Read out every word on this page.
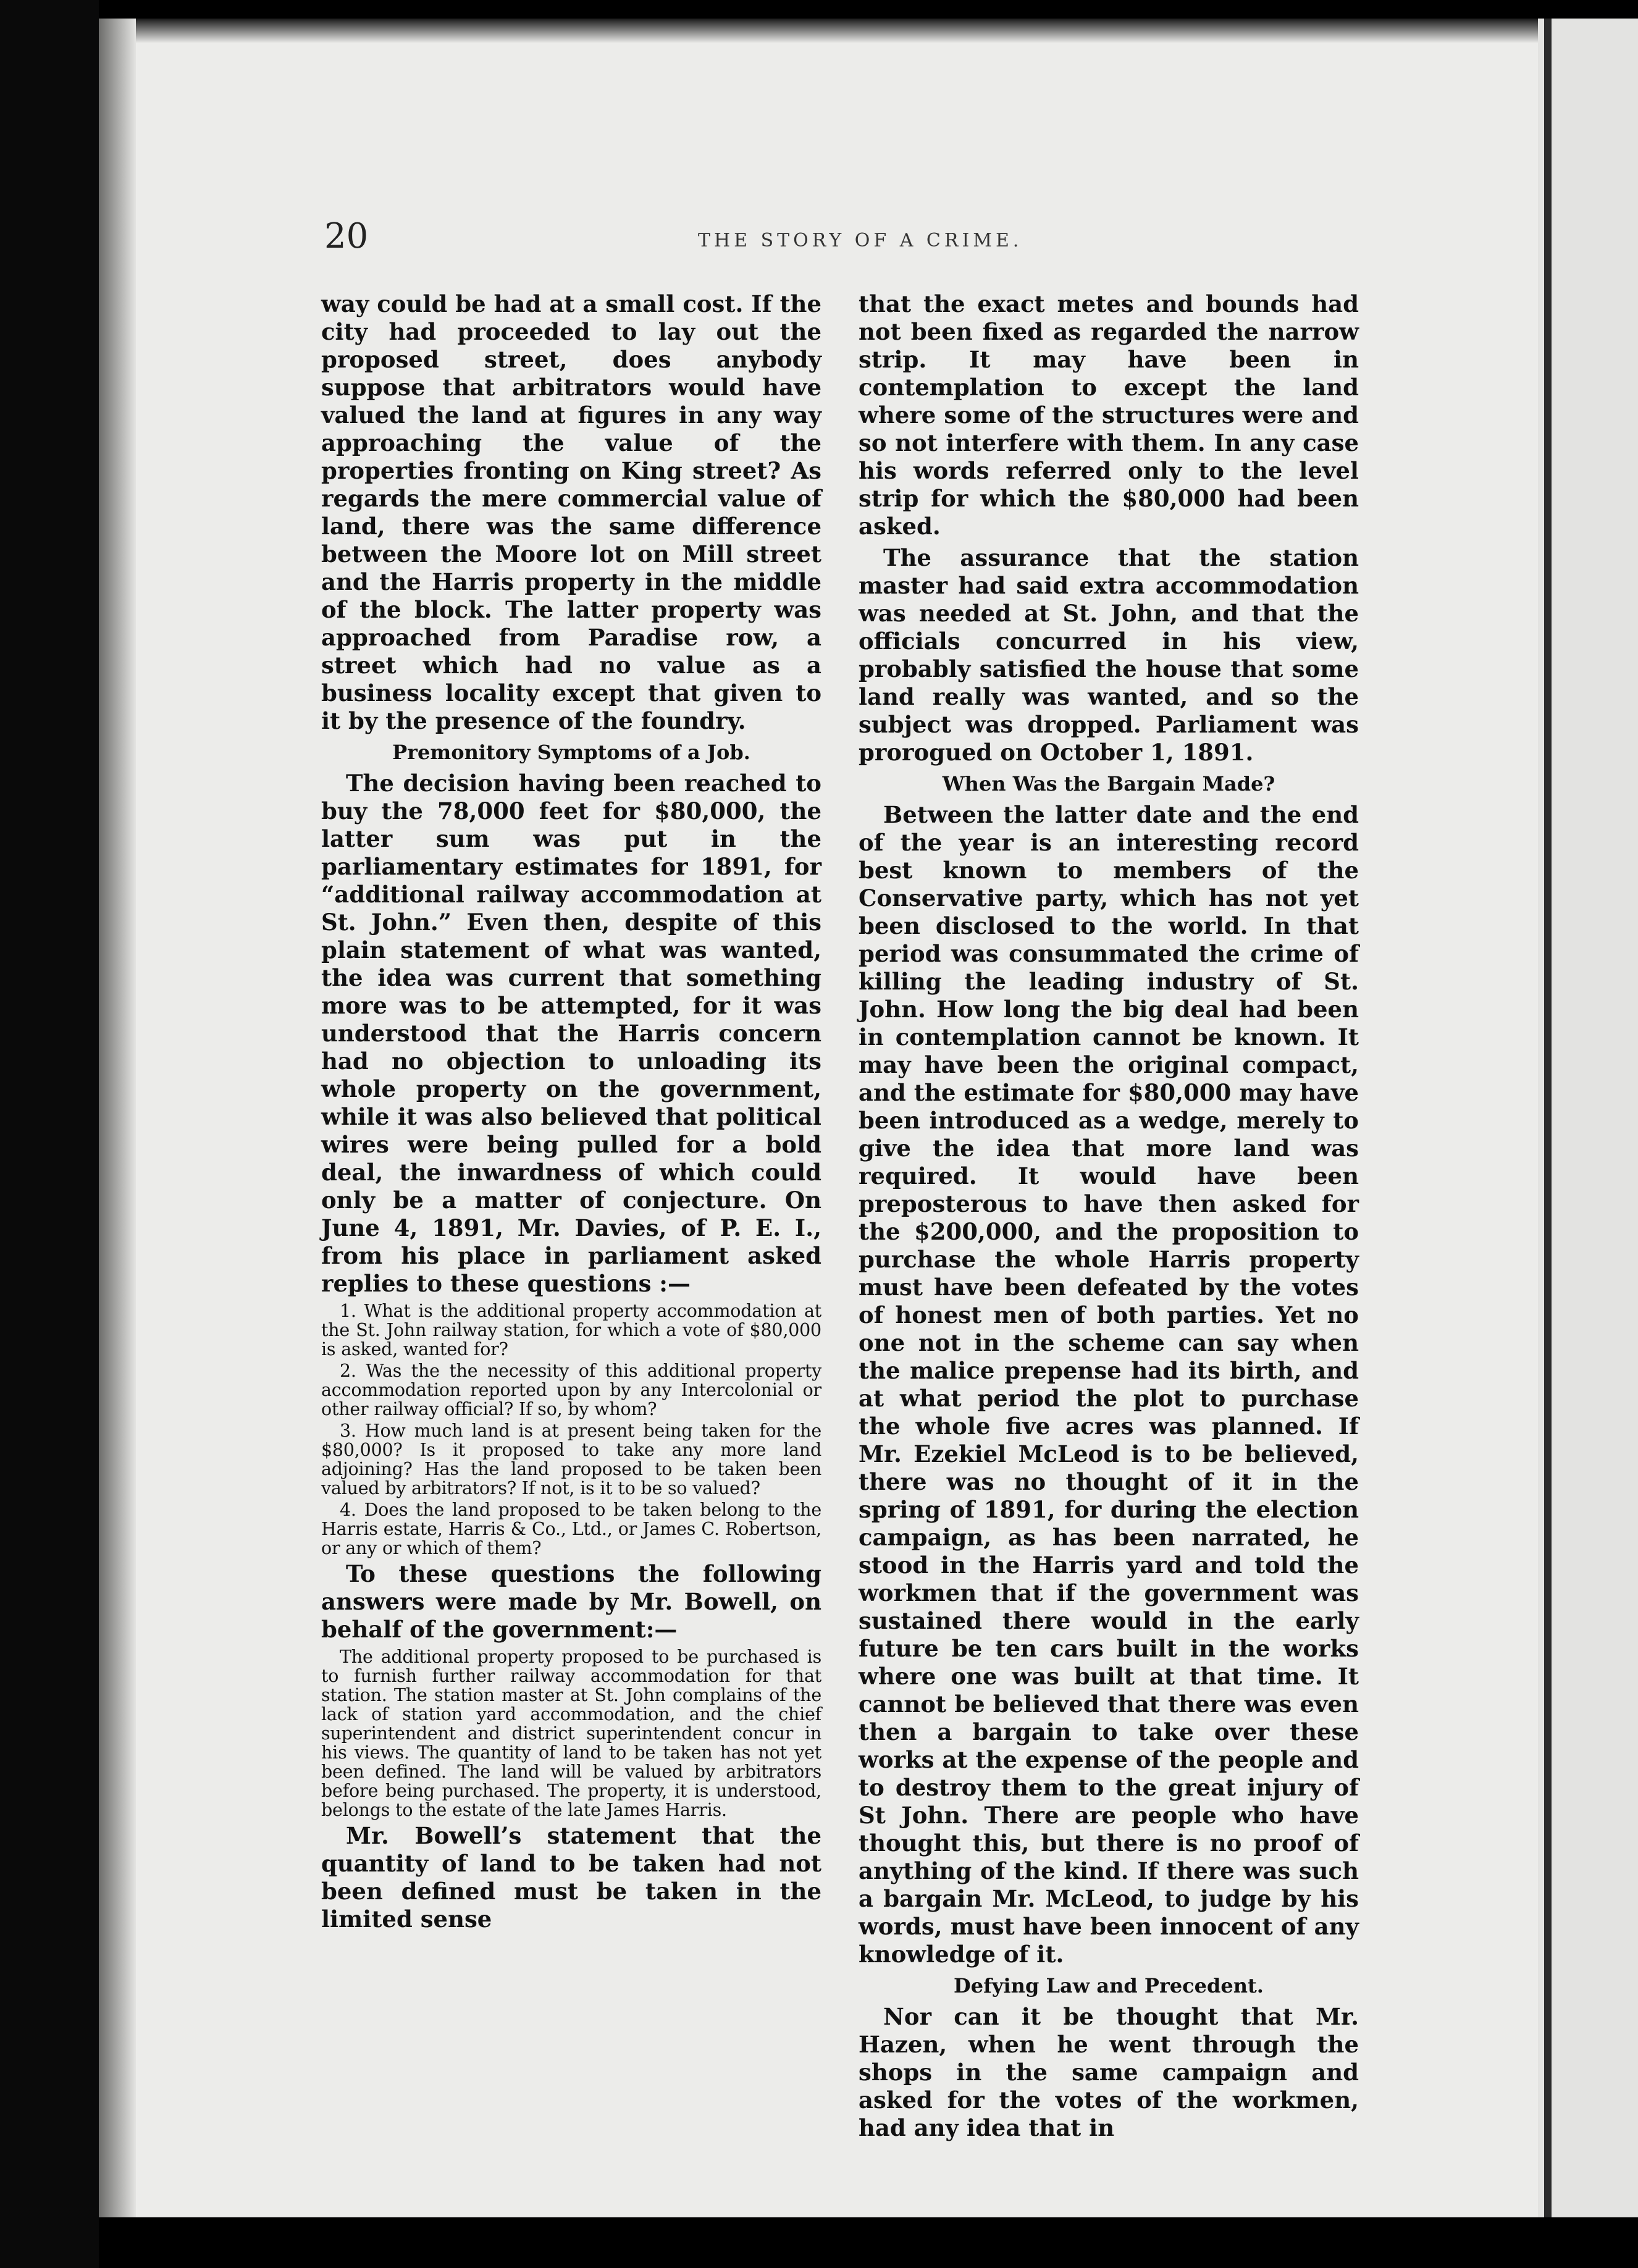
20	THE STORY OF A CRIME.

way could be had at a small cost. If the city had proceeded to lay out the proposed street, does anybody suppose that arbitrators would have valued the land at figures in any way approaching the value of the properties fronting on King street? As regards the mere commercial value of land, there was the same difference between the Moore lot on Mill street and the Harris property in the middle of the block. The latter property was approached from Paradise row, a street which had no value as a business locality except that given to it by the presence of the foundry.

Premonitory Symptoms of a Job.

The decision having been reached to buy the 78,000 feet for $80,000, the latter sum was put in the parliamentary estimates for 1891, for “additional railway accommodation at St. John.” Even then, despite of this plain statement of what was wanted, the idea was current that something more was to be attempted, for it was understood that the Harris concern had no objection to unloading its whole property on the government, while it was also believed that political wires were being pulled for a bold deal, the inwardness of which could only be a matter of conjecture. On June 4, 1891, Mr. Davies, of P. E. I., from his place in parliament asked replies to these questions :—

1. What is the additional property accommodation at the St. John railway station, for which a vote of $80,000 is asked, wanted for?

2. Was the the necessity of this additional property accommodation reported upon by any Intercolonial or other railway official? If so, by whom?

3. How much land is at present being taken for the $80,000? Is it proposed to take any more land adjoining? Has the land proposed to be taken been valued by arbitrators? If not, is it to be so valued?

4. Does the land proposed to be taken belong to the Harris estate, Harris & Co., Ltd., or James C. Robertson, or any or which of them?

To these questions the following answers were made by Mr. Bowell, on behalf of the government:—

The additional property proposed to be purchased is to furnish further railway accommodation for that station. The station master at St. John complains of the lack of station yard accommodation, and the chief superintendent and district superintendent concur in his views. The quantity of land to be taken has not yet been defined. The land will be valued by arbitrators before being purchased. The property, it is understood, belongs to the estate of the late James Harris.

Mr. Bowell’s statement that the quantity of land to be taken had not been defined must be taken in the limited sense

that the exact metes and bounds had not been fixed as regarded the narrow strip. It may have been in contemplation to except the land where some of the structures were and so not interfere with them. In any case his words referred only to the level strip for which the $80,000 had been asked.

The assurance that the station master had said extra accommodation was needed at St. John, and that the officials concurred in his view, probably satisfied the house that some land really was wanted, and so the subject was dropped. Parliament was prorogued on October 1, 1891.

When Was the Bargain Made?

Between the latter date and the end of the year is an interesting record best known to members of the Conservative party, which has not yet been disclosed to the world. In that period was consummated the crime of killing the leading industry of St. John. How long the big deal had been in contemplation cannot be known. It may have been the original compact, and the estimate for $80,000 may have been introduced as a wedge, merely to give the idea that more land was required. It would have been preposterous to have then asked for the $200,000, and the proposition to purchase the whole Harris property must have been defeated by the votes of honest men of both parties. Yet no one not in the scheme can say when the malice prepense had its birth, and at what period the plot to purchase the whole five acres was planned. If Mr. Ezekiel McLeod is to be believed, there was no thought of it in the spring of 1891, for during the election campaign, as has been narrated, he stood in the Harris yard and told the workmen that if the government was sustained there would in the early future be ten cars built in the works where one was built at that time. It cannot be believed that there was even then a bargain to take over these works at the expense of the people and to destroy them to the great injury of St John. There are people who have thought this, but there is no proof of anything of the kind. If there was such a bargain Mr. McLeod, to judge by his words, must have been innocent of any knowledge of it.

Defying Law and Precedent.

Nor can it be thought that Mr. Hazen, when he went through the shops in the same campaign and asked for the votes of the workmen, had any idea that in
